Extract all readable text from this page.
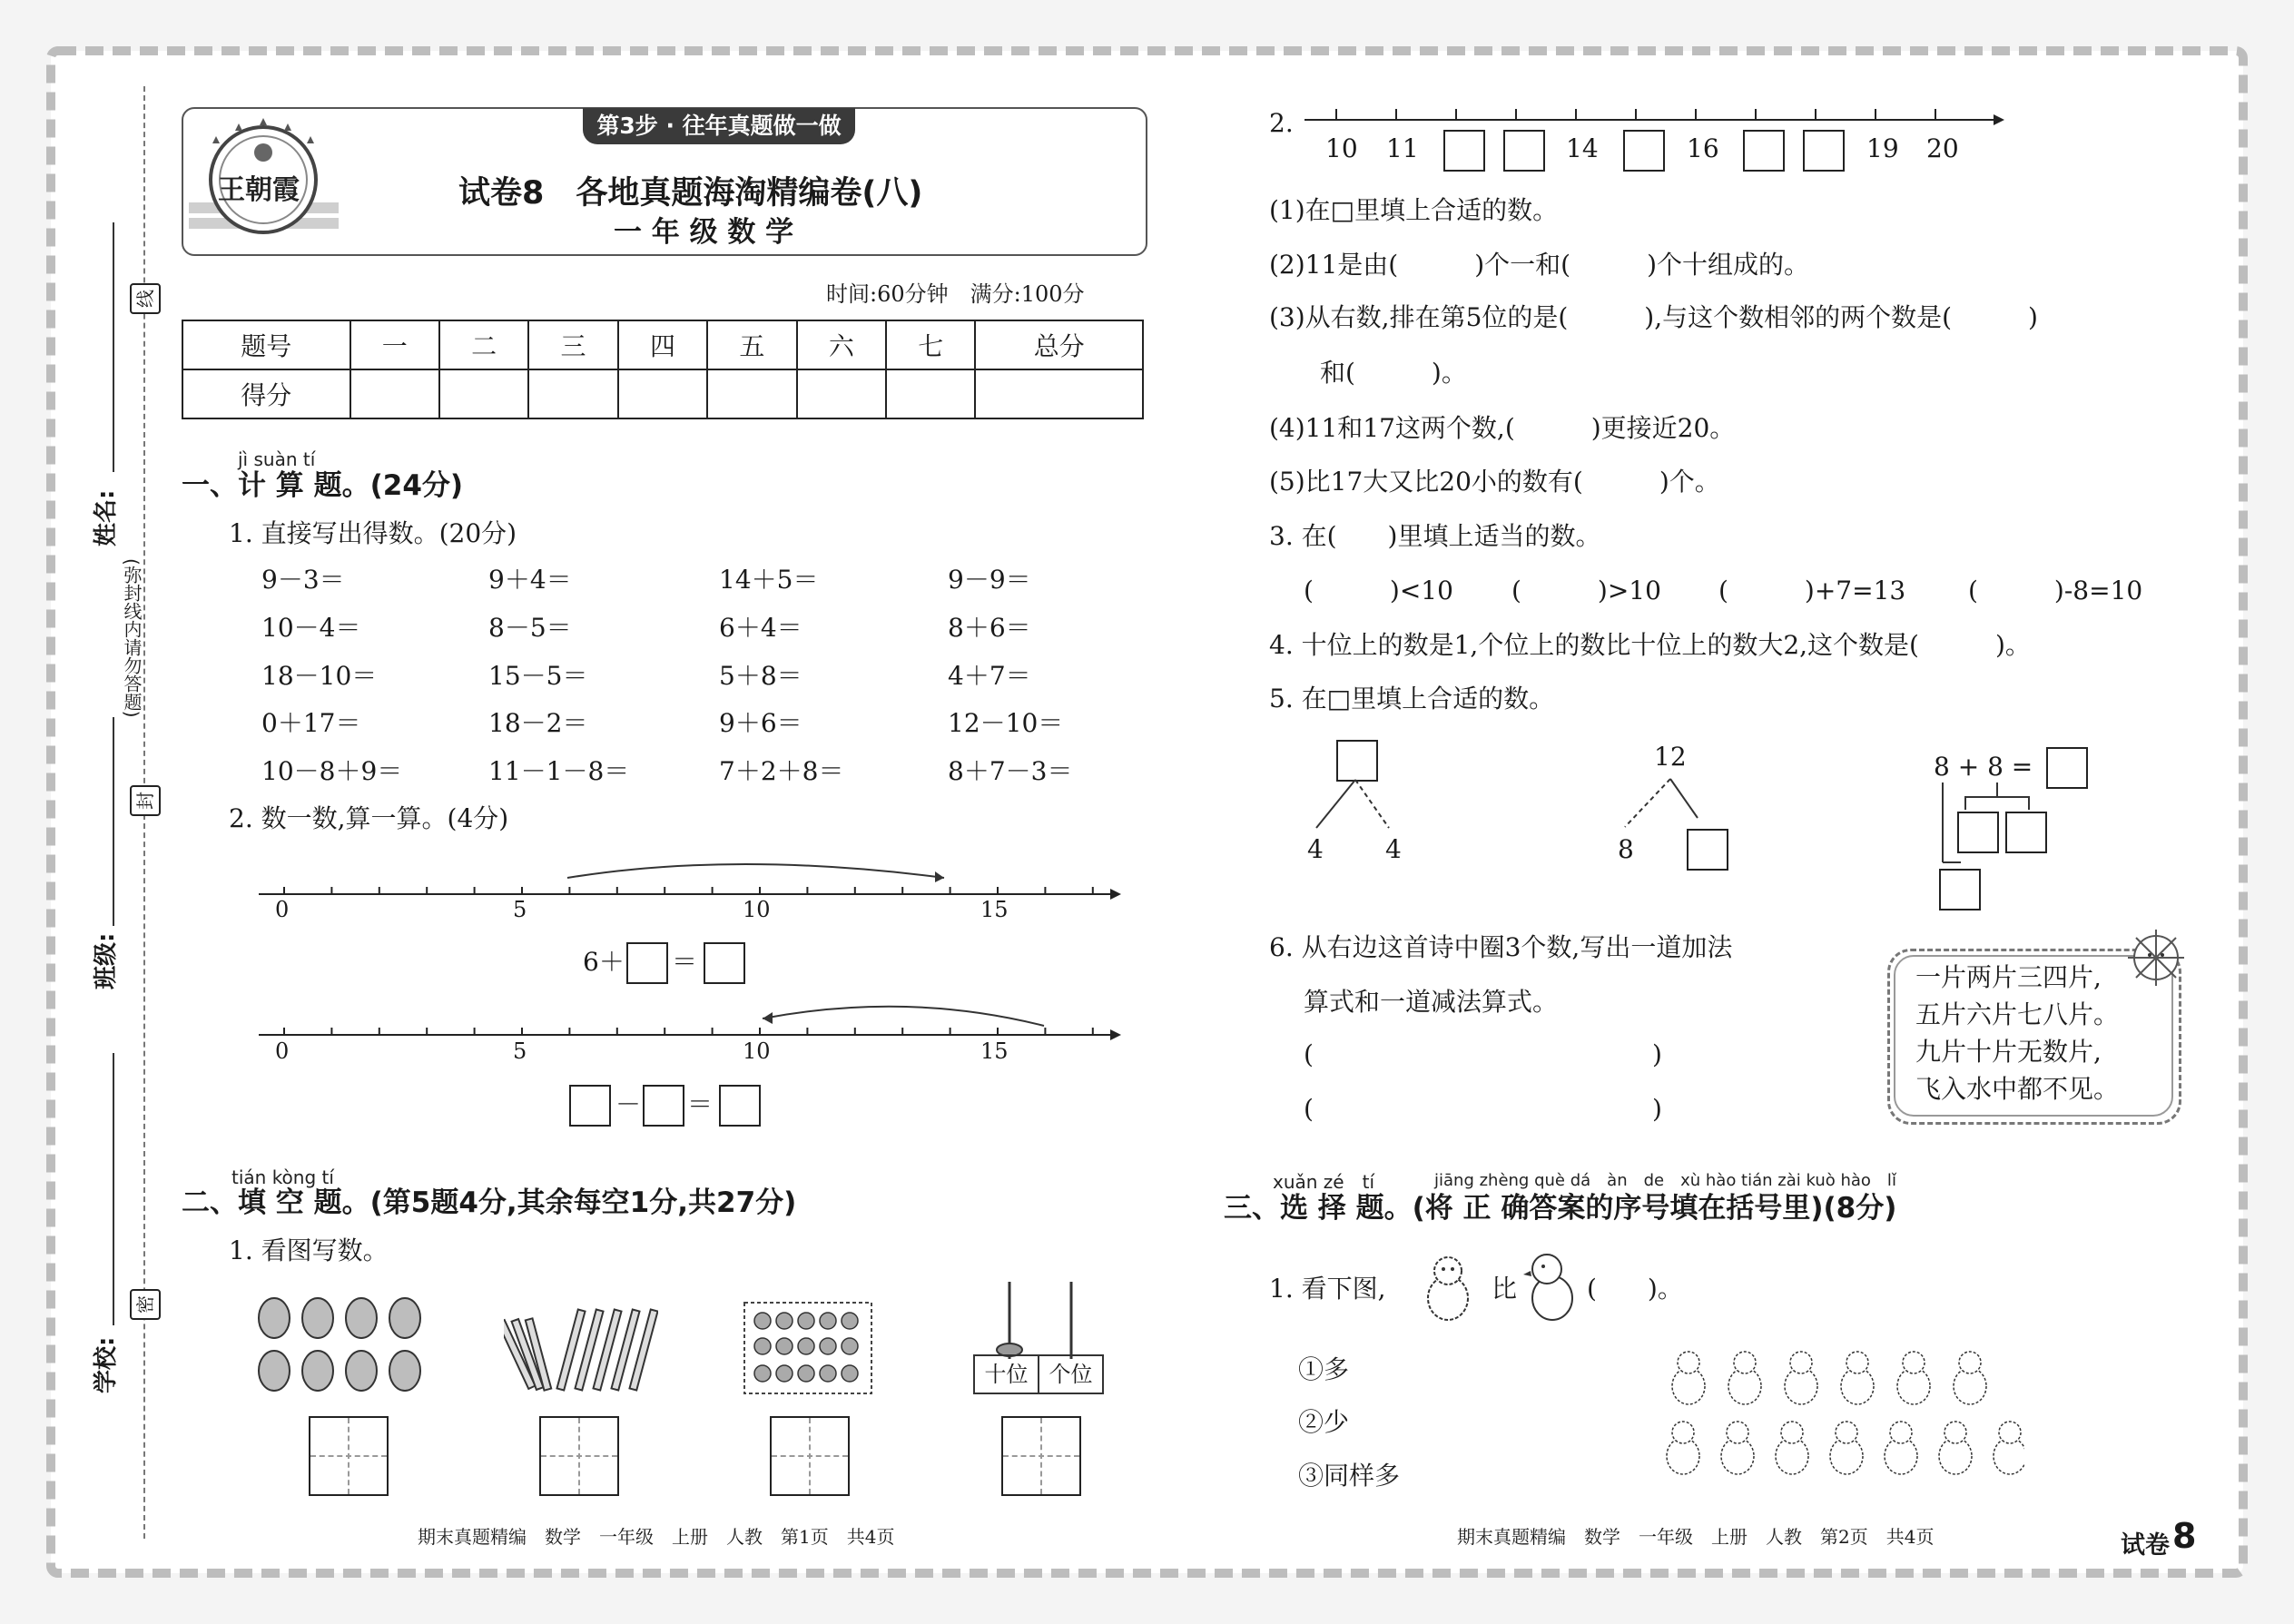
姓名:
班级:
学校:
线
(弥封线内请勿答题)
封
密
第3步 · 往年真题做一做
王朝霞	试卷8　各地真题海淘精编卷(八)
一 年 级 数 学
时间:60分钟　满分:100分
题号	一	二	三	四	五	六	七	总分
得分								
jì suàn tí
一、计 算 题。(24分)
1. 直接写出得数。(20分)
9－3＝	9＋4＝	14＋5＝	9－9＝
10－4＝	8－5＝	6＋4＝	8＋6＝
18－10＝	15－5＝	5＋8＝	4＋7＝
0＋17＝	18－2＝	9＋6＝	12－10＝
10－8＋9＝	11－1－8＝	7＋2＋8＝	8＋7－3＝
2. 数一数,算一算。(4分)
0	5	10	15
6＋ ＝
0	5	10	15
－ ＝
tián kòng tí
二、填 空 题。(第5题4分,其余每空1分,共27分)
1. 看图写数。
十位 个位
期末真题精编　数学　一年级　上册　人教　第1页　共4页
2.
10 11	14	16	19 20
(1)在□里填上合适的数。
(2)11是由(　　　)个一和(　　　)个十组成的。
(3)从右数,排在第5位的是(　　　),与这个数相邻的两个数是(　　　)
和(　　　)。
(4)11和17这两个数,(　　　)更接近20。
(5)比17大又比20小的数有(　　　)个。
3. 在(　　)里填上适当的数。
(　　　)<10 (　　　)>10 (　　　)+7=13 (　　　)-8=10
4. 十位上的数是1,个位上的数比十位上的数大2,这个数是(　　　)。
5. 在□里填上合适的数。
4 4
12
8
8 + 8 =
6. 从右边这首诗中圈3个数,写出一道加法
算式和一道减法算式。
(	)
(	)
一片两片三四片,
五片六片七八片。
九片十片无数片,
飞入水中都不见。
xuǎn zé　tí	jiāng zhèng què dá　àn　de　xù hào tián zài kuò hào　lǐ
三、选 择 题。(将 正 确答案的序号填在括号里)(8分)
1. 看下图,	比	(　　)。
①多
②少
③同样多
期末真题精编　数学　一年级　上册　人教　第2页　共4页	试卷 8
